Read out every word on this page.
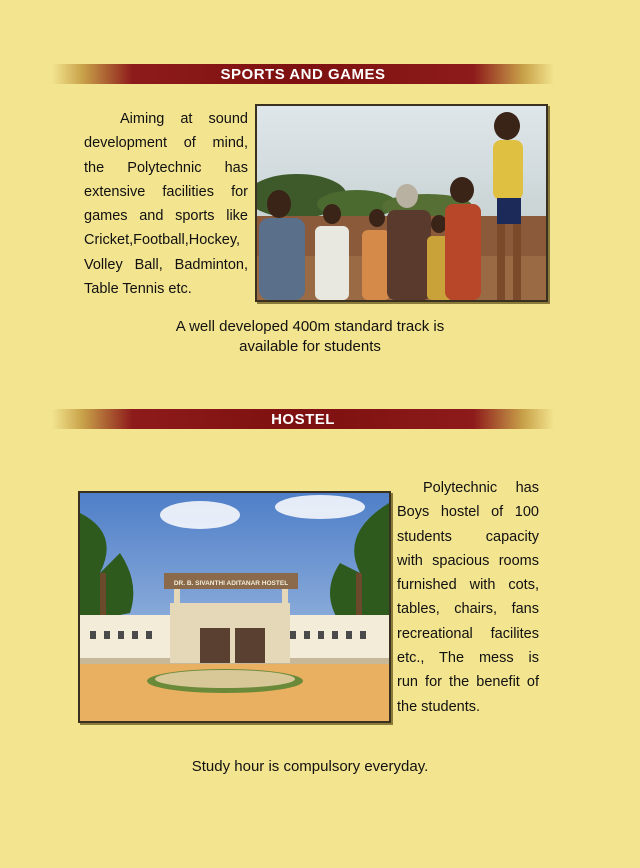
SPORTS AND GAMES
Aiming at sound
development of mind,
the Polytechnic has
extensive facilities for
games and sports like
Cricket,Football,Hockey,
Volley Ball, Badminton,
Table Tennis etc.
A well developed 400m standard track is
available for students
HOSTEL
DR. B. SIVANTHI ADITANAR HOSTEL
Polytechnic has
Boys hostel of 100
students capacity
with spacious rooms
furnished with cots,
tables, chairs, fans
recreational facilites
etc., The mess is
run for the benefit of
the students.
Study hour is compulsory everyday.
